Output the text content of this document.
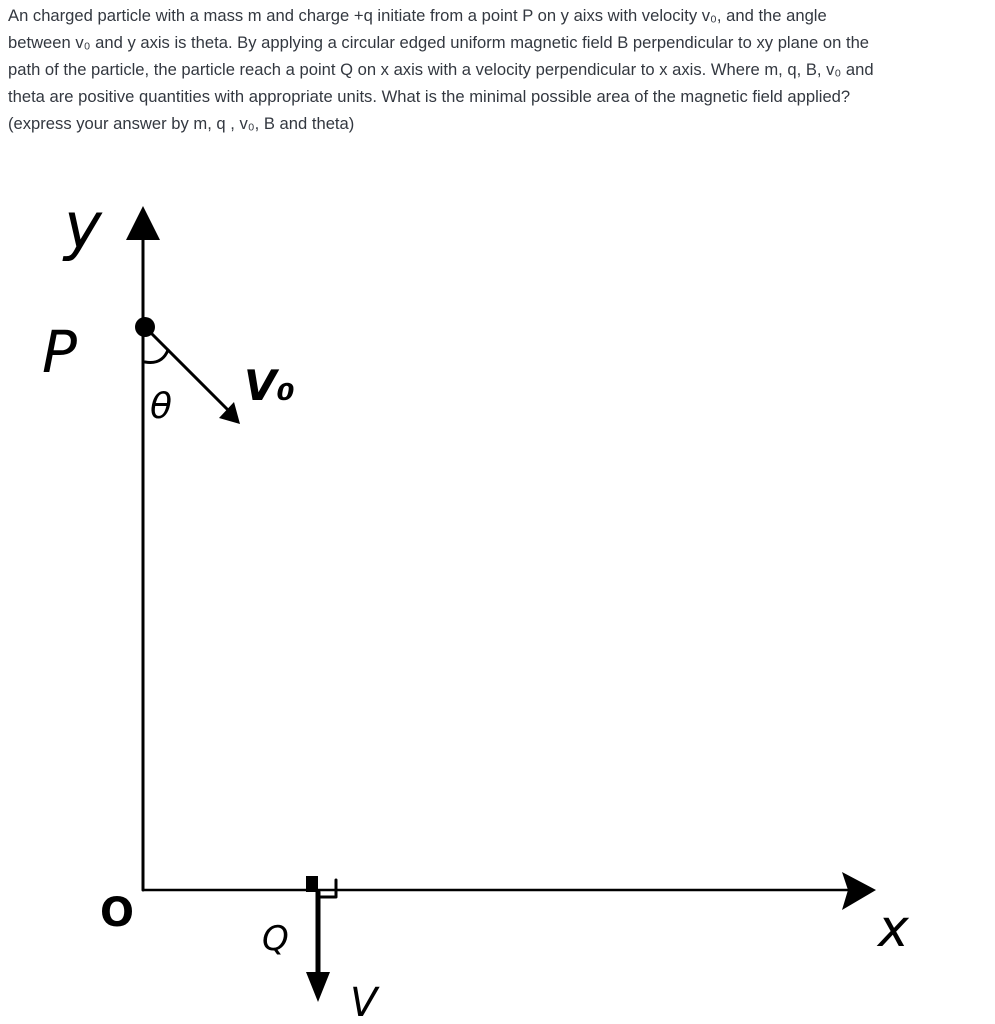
An charged particle with a mass m and charge +q initiate from a point P on y aixs with velocity v₀, and the angle

between v₀ and y axis is theta. By applying a circular edged uniform magnetic field B perpendicular to xy plane on the

path of the particle, the particle reach a point Q on x axis with a velocity perpendicular to x axis. Where m, q, B, v₀ and

theta are positive quantities with appropriate units. What is the minimal possible area of the magnetic field applied?

(express your answer by m, q , v₀, B and theta)

y
P
θ V₀
O
Q
V
x
